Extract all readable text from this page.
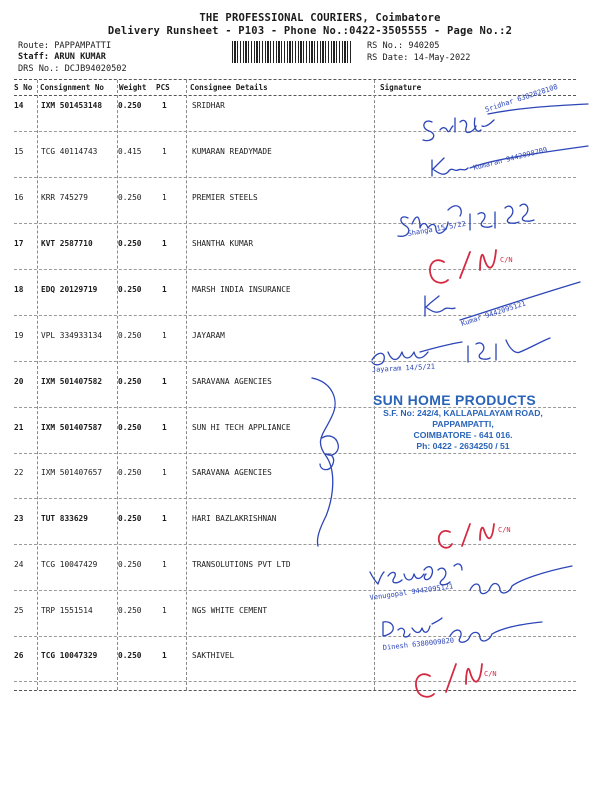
THE PROFESSIONAL COURIERS, Coimbatore
Delivery Runsheet - P103 - Phone No.:0422-3505555 - Page No.:2
Route: PAPPAMPATTI
Staff: ARUN KUMAR
DRS No.: DCJB94020502
RS No.: 940205
RS Date: 14-May-2022
S No Consignment No Weight PCS	Consignee Details	Signature
14 IXM 501453148 0.250	1	SRIDHAR
15 TCG 40114743	0.415	1	KUMARAN READYMADE
16 KRR 745279	0.250	1	PREMIER STEELS
17 KVT 2587710	0.250	1	SHANTHA KUMAR
18 EDQ 20129719	0.250	1	MARSH INDIA INSURANCE
19 VPL 334933134 0.250	1	JAYARAM
20 IXM 501407582 0.250	1	SARAVANA AGENCIES
21 IXM 501407587 0.250	1	SUN HI TECH APPLIANCE
22 IXM 501407657 0.250	1	SARAVANA AGENCIES
23 TUT 833629	0.250	1	HARI BAZLAKRISHNAN
24 TCG 10047429	0.250	1	TRANSOLUTIONS PVT LTD
25 TRP 1551514	0.250	1	NGS WHITE CEMENT
26 TCG 10047329	0.250	1	SAKTHIVEL
SUN HOME PRODUCTS
S.F. No: 242/4, KALLAPALAYAM ROAD,
PAPPAMPATTI,
COIMBATORE - 641 016.
Ph: 0422 - 2634250 / 51
Sridhar 6382828108
Kumaran 9442098709
Shanga 15/5/22
Kumar 9442095121
Jayaram 14/5/21
Venugopal 9442095121
Dinesh 6380009820
C/N
C/N
C/N
